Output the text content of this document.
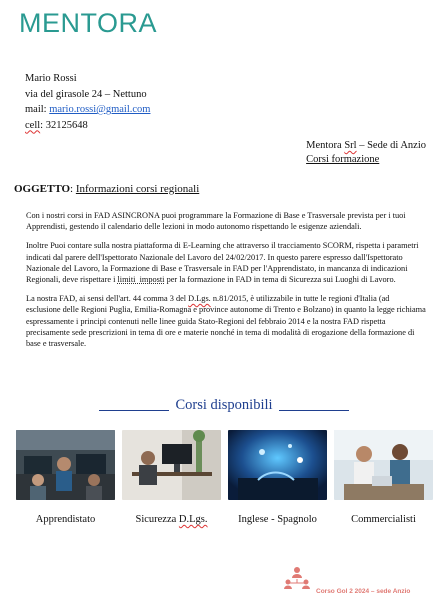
MENTORA
Mario Rossi
via del girasole 24 – Nettuno
mail: mario.rossi@gmail.com
cell: 32125648
Mentora Srl – Sede di Anzio
Corsi formazione
OGGETTO: Informazioni corsi regionali

Con i nostri corsi in FAD ASINCRONA puoi programmare la Formazione di Base e Trasversale prevista per i tuoi Apprendisti, gestendo il calendario delle lezioni in modo autonomo rispettando le esigenze aziendali.

Inoltre Puoi contare sulla nostra piattaforma di E-Learning che attraverso il tracciamento SCORM, rispetta i parametri indicati dal parere dell'Ispettorato Nazionale del Lavoro del 24/02/2017. In questo parere espresso dall'Ispettorato Nazionale del Lavoro, la Formazione di Base e Trasversale in FAD per l'Apprendistato, in mancanza di indicazioni Regionali, deve rispettare i limiti  imposti per la formazione in FAD in tema di Sicurezza sui Luoghi di Lavoro.

La nostra FAD, ai sensi dell'art. 44 comma 3 del D.Lgs. n.81/2015, è utilizzabile in tutte le regioni d'Italia (ad esclusione delle Regioni Puglia, Emilia-Romagna e province autonome di Trento e Bolzano) in quanto la legge richiama espressamente i principi contenuti nelle linee guida Stato-Regioni del febbraio 2014 e la nostra FAD rispetta precisamente sede prescrizioni in tema di ore e materie nonché in tema di modalità di erogazione della formazione di base e trasversale.

Corsi disponibili
Apprendistato	Sicurezza D.Lgs.	Inglese - Spagnolo	Commercialisti
Corso Gol 2 2024 – sede Anzio
